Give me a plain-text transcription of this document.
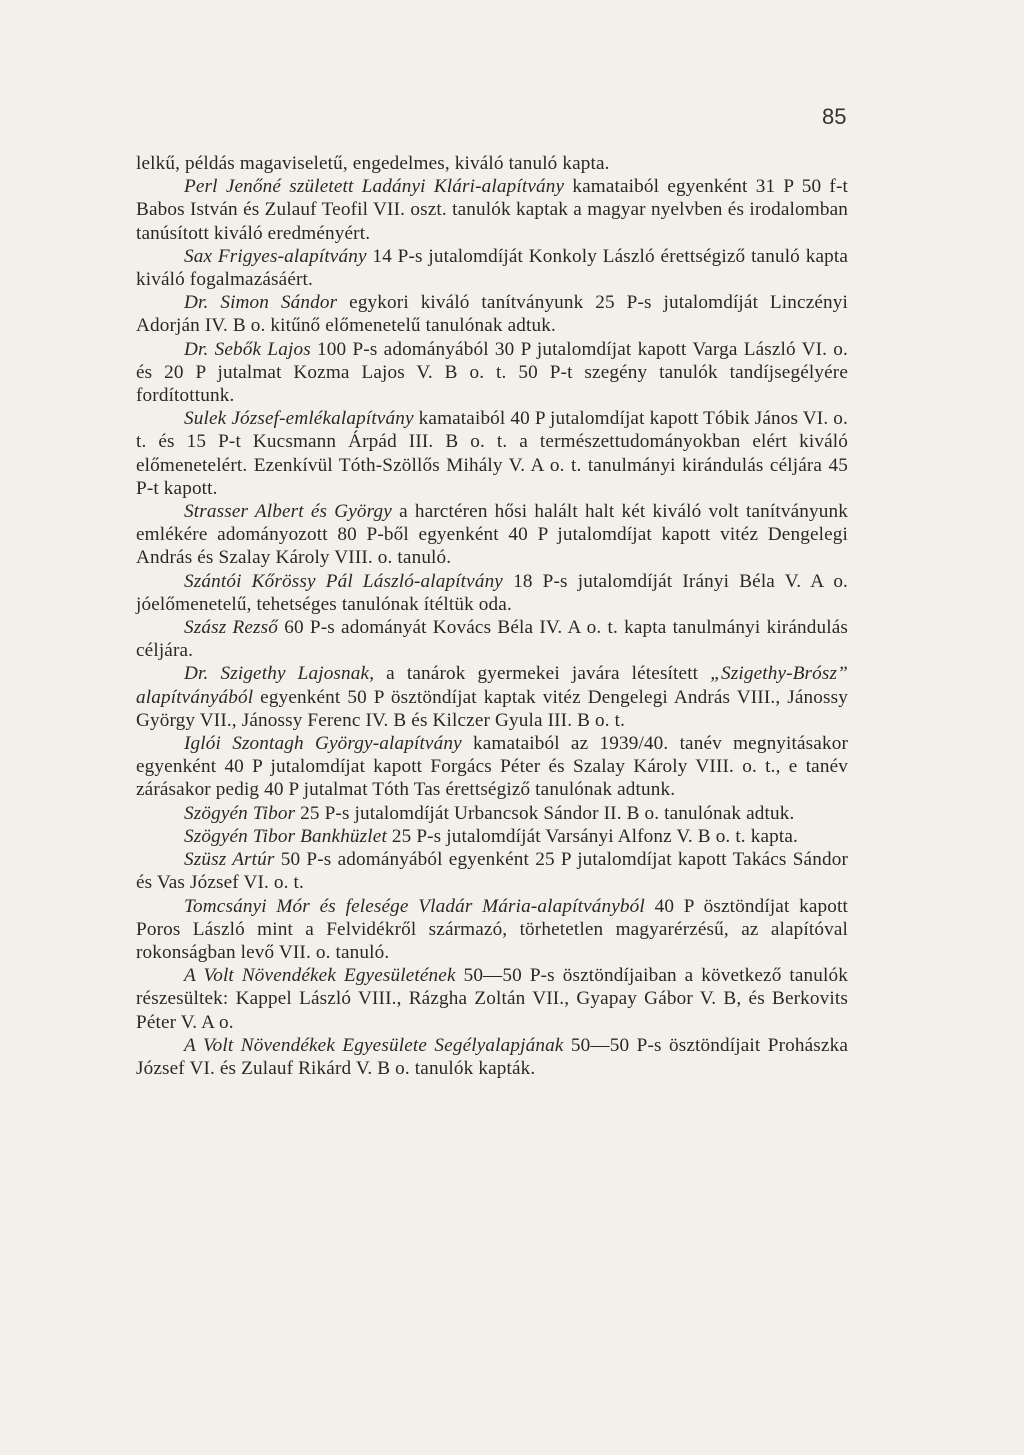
85

lelkű, példás magaviseletű, engedelmes, kiváló tanuló kapta.

Perl Jenőné született Ladányi Klári-alapítvány kamataiból egyenként 31 P 50 f-t Babos István és Zulauf Teofil VII. oszt. tanulók kaptak a magyar nyelvben és irodalomban tanúsított kiváló eredményért.

Sax Frigyes-alapítvány 14 P-s jutalomdíját Konkoly László érettségiző tanuló kapta kiváló fogalmazásáért.

Dr. Simon Sándor egykori kiváló tanítványunk 25 P-s jutalomdíját Linczényi Adorján IV. B o. kitűnő előmenetelű tanulónak adtuk.

Dr. Sebők Lajos 100 P-s adományából 30 P jutalomdíjat kapott Varga László VI. o. és 20 P jutalmat Kozma Lajos V. B o. t. 50 P-t szegény tanulók tandíjsegélyére fordítottunk.

Sulek József-emlékalapítvány kamataiból 40 P jutalomdíjat kapott Tóbik János VI. o. t. és 15 P-t Kucsmann Árpád III. B o. t. a természettudományokban elért kiváló előmenetelért. Ezenkívül Tóth-Szöllős Mihály V. A o. t. tanulmányi kirándulás céljára 45 P-t kapott.

Strasser Albert és György a harctéren hősi halált halt két kiváló volt tanítványunk emlékére adományozott 80 P-ből egyenként 40 P jutalomdíjat kapott vitéz Dengelegi András és Szalay Károly VIII. o. tanuló.

Szántói Kőrössy Pál László-alapítvány 18 P-s jutalomdíját Irányi Béla V. A o. jóelőmenetelű, tehetséges tanulónak ítéltük oda.

Szász Rezső 60 P-s adományát Kovács Béla IV. A o. t. kapta tanulmányi kirándulás céljára.

Dr. Szigethy Lajosnak, a tanárok gyermekei javára létesített „Szigethy-Brósz” alapítványából egyenként 50 P ösztöndíjat kaptak vitéz Dengelegi András VIII., Jánossy György VII., Jánossy Ferenc IV. B és Kilczer Gyula III. B o. t.

Iglói Szontagh György-alapítvány kamataiból az 1939/40. tanév megnyitásakor egyenként 40 P jutalomdíjat kapott Forgács Péter és Szalay Károly VIII. o. t., e tanév zárásakor pedig 40 P jutalmat Tóth Tas érettségiző tanulónak adtunk.

Szögyén Tibor 25 P-s jutalomdíját Urbancsok Sándor II. B o. tanulónak adtuk.

Szögyén Tibor Bankhüzlet 25 P-s jutalomdíját Varsányi Alfonz V. B o. t. kapta.

Szüsz Artúr 50 P-s adományából egyenként 25 P jutalomdíjat kapott Takács Sándor és Vas József VI. o. t.

Tomcsányi Mór és felesége Vladár Mária-alapítványból 40 P ösztöndíjat kapott Poros László mint a Felvidékről származó, törhetetlen magyarérzésű, az alapítóval rokonságban levő VII. o. tanuló.

A Volt Növendékek Egyesületének 50—50 P-s ösztöndíjaiban a következő tanulók részesültek: Kappel László VIII., Rázgha Zoltán VII., Gyapay Gábor V. B, és Berkovits Péter V. A o.

A Volt Növendékek Egyesülete Segélyalapjának 50—50 P-s ösztöndíjait Prohászka József VI. és Zulauf Rikárd V. B o. tanulók kapták.
